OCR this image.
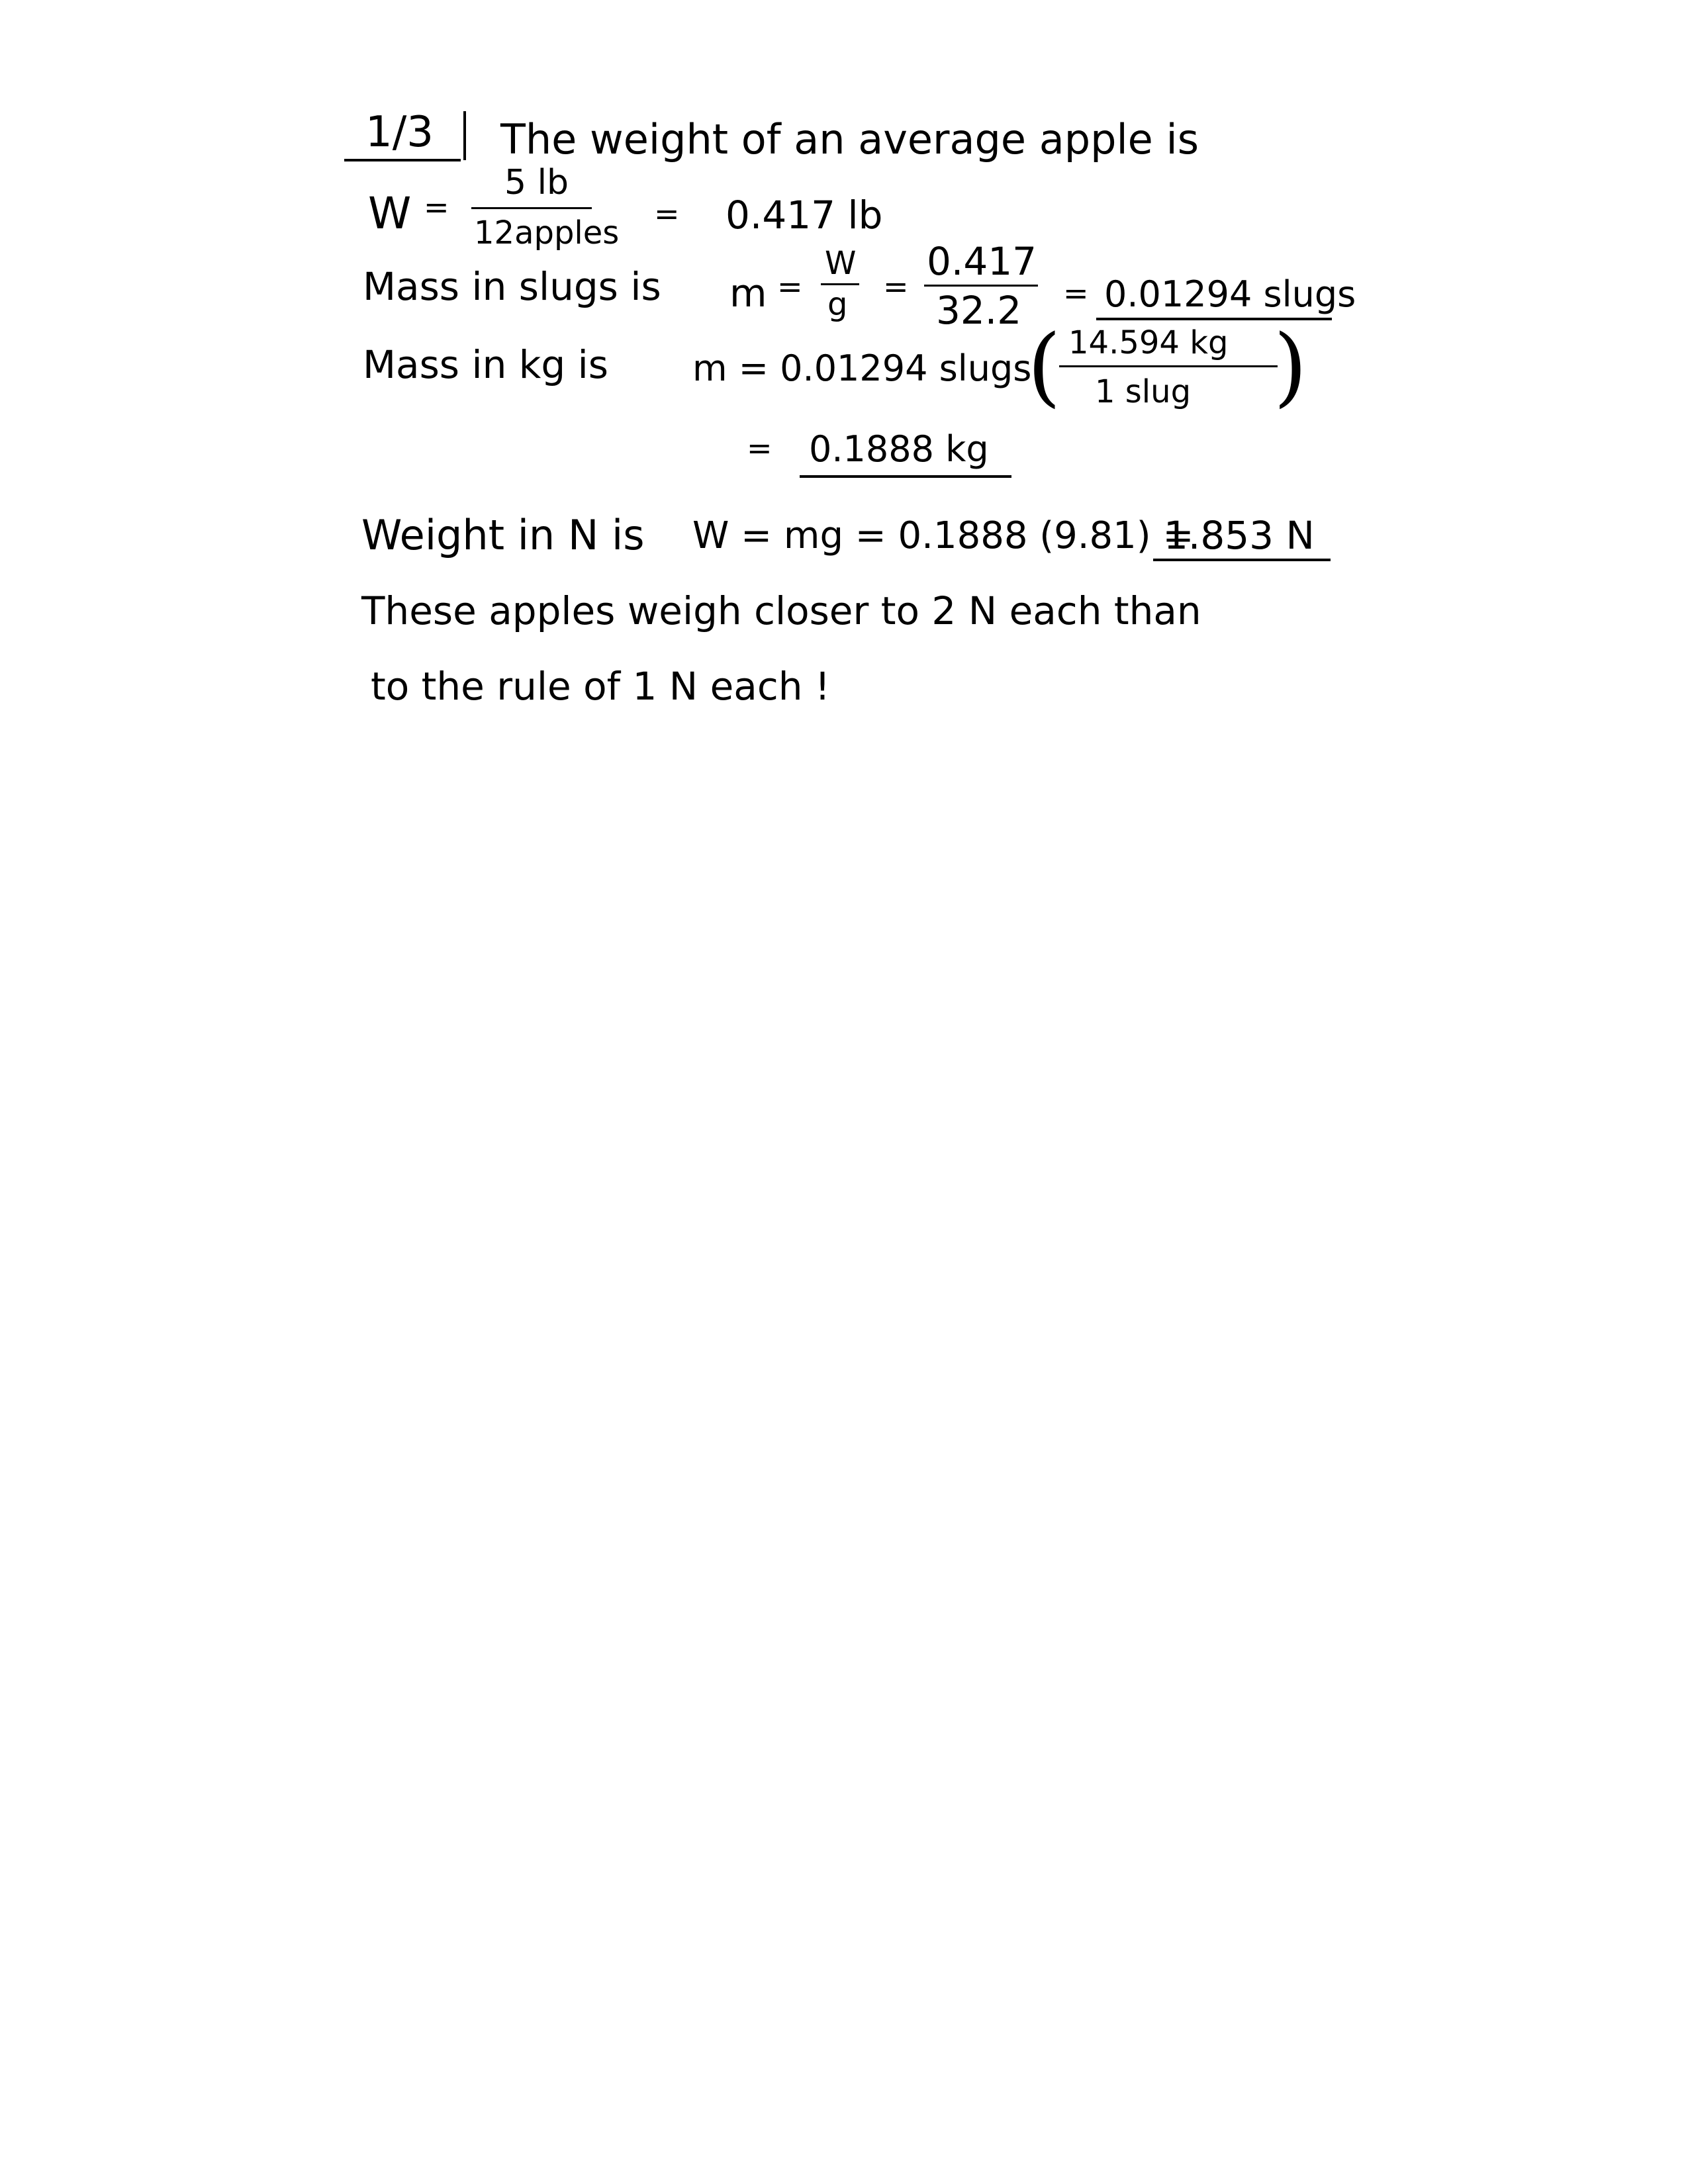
1/3 The weight of an average apple is
W =
5 lb
12apples
= 0.417 lb
Mass in slugs is m =
W
g =
0.417
32.2 = 0.01294 slugs
Mass in kg is m = 0.01294 slugs
( 14.594 kg
1 slug )
= 0.1888 kg
Weight in N is W = mg = 0.1888 (9.81) =
1.853 N
These apples weigh closer to 2 N each than
to the rule of 1 N each !
